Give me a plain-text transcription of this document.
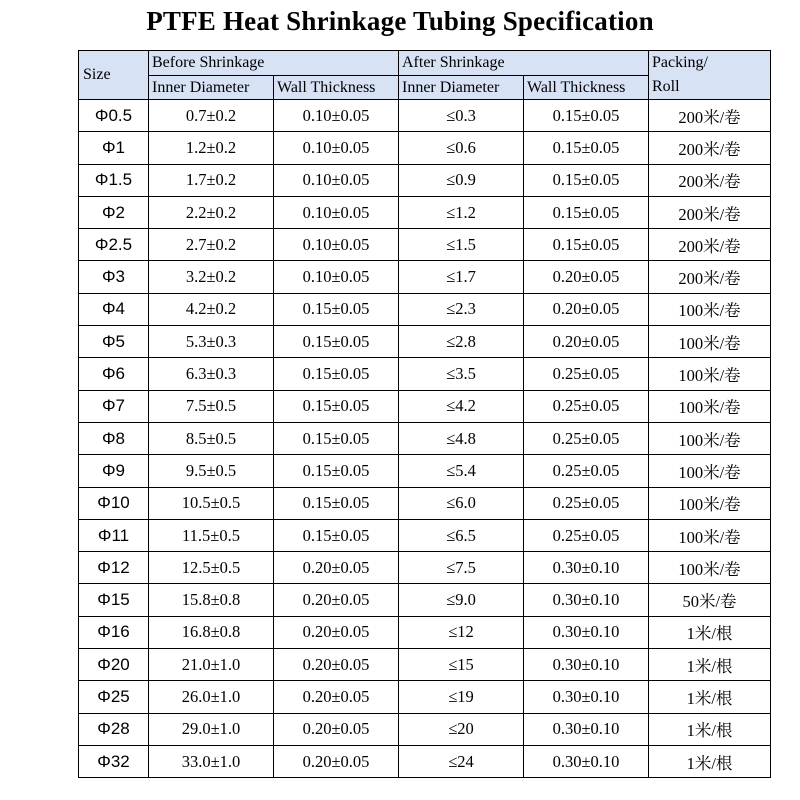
PTFE Heat Shrinkage Tubing Specification
Size	Before Shrinkage		After Shrinkage		Packing/
Roll

	Inner Diameter	Wall Thickness	Inner Diameter	Wall Thickness	
Φ0.5	0.7±0.2	0.10±0.05	≤0.3	0.15±0.05	200米/卷
Φ1	1.2±0.2	0.10±0.05	≤0.6	0.15±0.05	200米/卷
Φ1.5	1.7±0.2	0.10±0.05	≤0.9	0.15±0.05	200米/卷
Φ2	2.2±0.2	0.10±0.05	≤1.2	0.15±0.05	200米/卷
Φ2.5	2.7±0.2	0.10±0.05	≤1.5	0.15±0.05	200米/卷
Φ3	3.2±0.2	0.10±0.05	≤1.7	0.20±0.05	200米/卷
Φ4	4.2±0.2	0.15±0.05	≤2.3	0.20±0.05	100米/卷
Φ5	5.3±0.3	0.15±0.05	≤2.8	0.20±0.05	100米/卷
Φ6	6.3±0.3	0.15±0.05	≤3.5	0.25±0.05	100米/卷
Φ7	7.5±0.5	0.15±0.05	≤4.2	0.25±0.05	100米/卷
Φ8	8.5±0.5	0.15±0.05	≤4.8	0.25±0.05	100米/卷
Φ9	9.5±0.5	0.15±0.05	≤5.4	0.25±0.05	100米/卷
Φ10	10.5±0.5	0.15±0.05	≤6.0	0.25±0.05	100米/卷
Φ11	11.5±0.5	0.15±0.05	≤6.5	0.25±0.05	100米/卷
Φ12	12.5±0.5	0.20±0.05	≤7.5	0.30±0.10	100米/卷
Φ15	15.8±0.8	0.20±0.05	≤9.0	0.30±0.10	50米/卷
Φ16	16.8±0.8	0.20±0.05	≤12	0.30±0.10	1米/根
Φ20	21.0±1.0	0.20±0.05	≤15	0.30±0.10	1米/根
Φ25	26.0±1.0	0.20±0.05	≤19	0.30±0.10	1米/根
Φ28	29.0±1.0	0.20±0.05	≤20	0.30±0.10	1米/根
Φ32	33.0±1.0	0.20±0.05	≤24	0.30±0.10	1米/根
